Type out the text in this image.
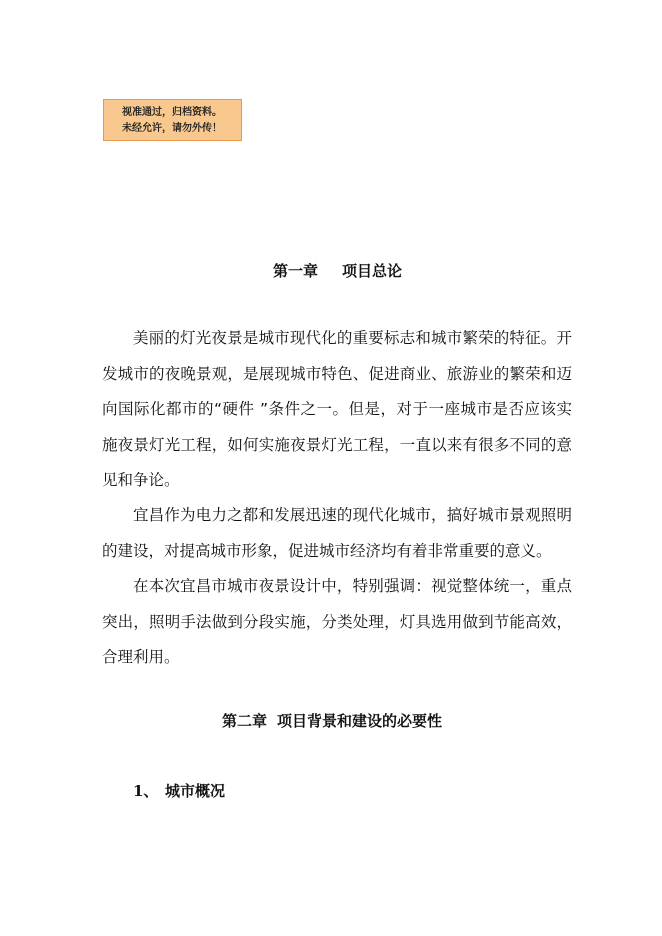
视准通过，归档资料。
未经允许，请勿外传！
第一章 项目总论
美丽的灯光夜景是城市现代化的重要标志和城市繁荣的特征。开发城市的夜晚景观，是展现城市特色、促进商业、旅游业的繁荣和迈向国际化都市的“硬件 ”条件之一。但是，对于一座城市是否应该实施夜景灯光工程，如何实施夜景灯光工程，一直以来有很多不同的意见和争论。
宜昌作为电力之都和发展迅速的现代化城市，搞好城市景观照明的建设，对提高城市形象，促进城市经济均有着非常重要的意义。
在本次宜昌市城市夜景设计中，特别强调：视觉整体统一，重点突出，照明手法做到分段实施，分类处理，灯具选用做到节能高效，合理利用。
第二章 项目背景和建设的必要性
1、 城市概况
